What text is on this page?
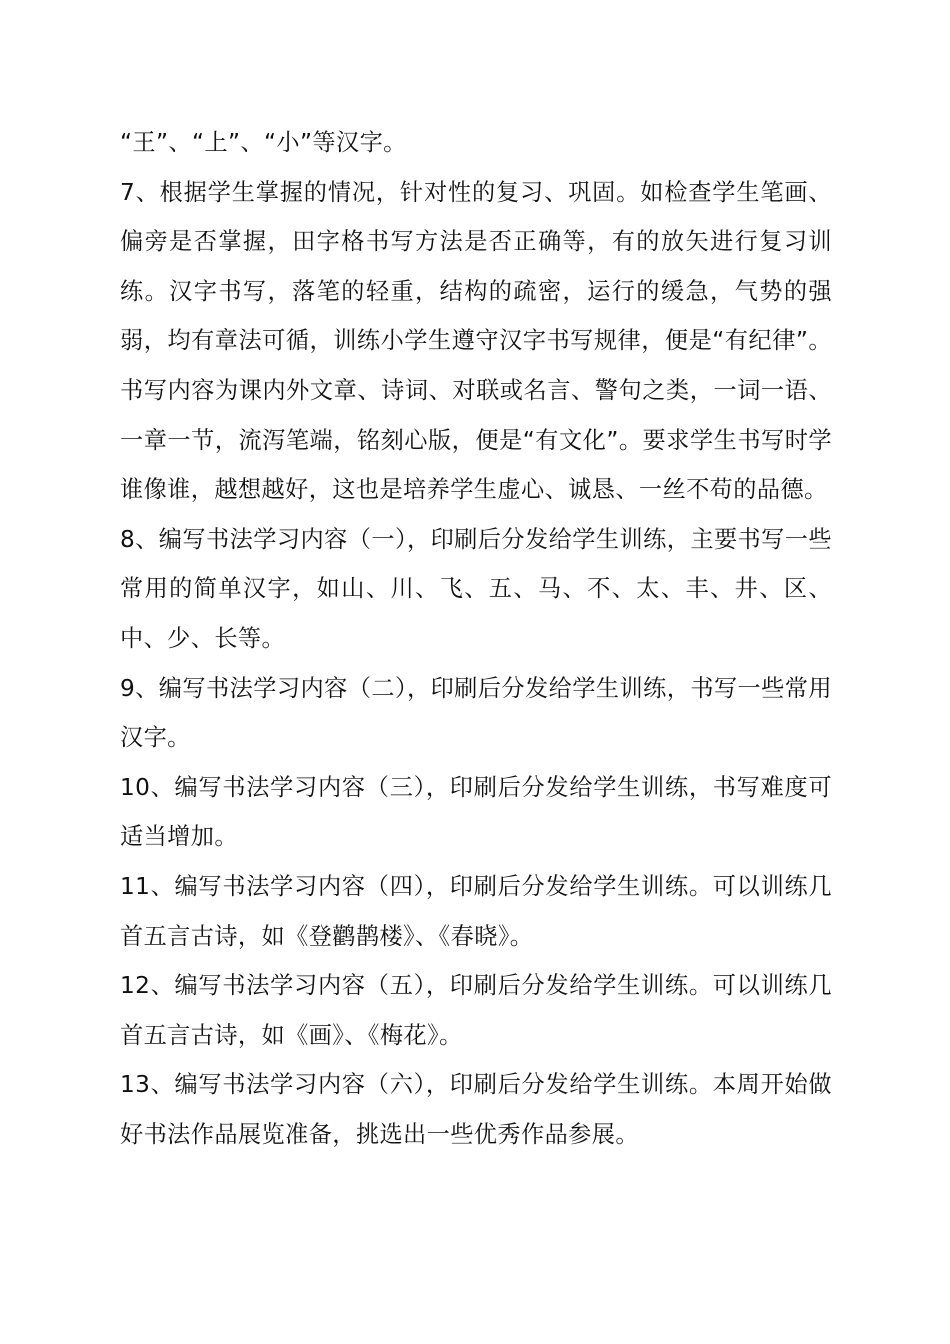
“王”、“上”、“小”等汉字。

7、根据学生掌握的情况，针对性的复习、巩固。如检查学生笔画、偏旁是否掌握，田字格书写方法是否正确等，有的放矢进行复习训练。汉字书写，落笔的轻重，结构的疏密，运行的缓急，气势的强弱，均有章法可循，训练小学生遵守汉字书写规律，便是“有纪律”。书写内容为课内外文章、诗词、对联或名言、警句之类，一词一语、一章一节，流泻笔端，铭刻心版，便是“有文化”。要求学生书写时学谁像谁，越想越好，这也是培养学生虚心、诚恳、一丝不苟的品德。

8、编写书法学习内容（一），印刷后分发给学生训练，主要书写一些常用的简单汉字，如山、川、飞、五、马、不、太、丰、井、区、中、少、长等。

9、编写书法学习内容（二），印刷后分发给学生训练，书写一些常用汉字。

10、编写书法学习内容（三），印刷后分发给学生训练，书写难度可适当增加。

11、编写书法学习内容（四），印刷后分发给学生训练。可以训练几首五言古诗，如《登鹳鹊楼》、《春晓》。

12、编写书法学习内容（五），印刷后分发给学生训练。可以训练几首五言古诗，如《画》、《梅花》。

13、编写书法学习内容（六），印刷后分发给学生训练。本周开始做好书法作品展览准备，挑选出一些优秀作品参展。
